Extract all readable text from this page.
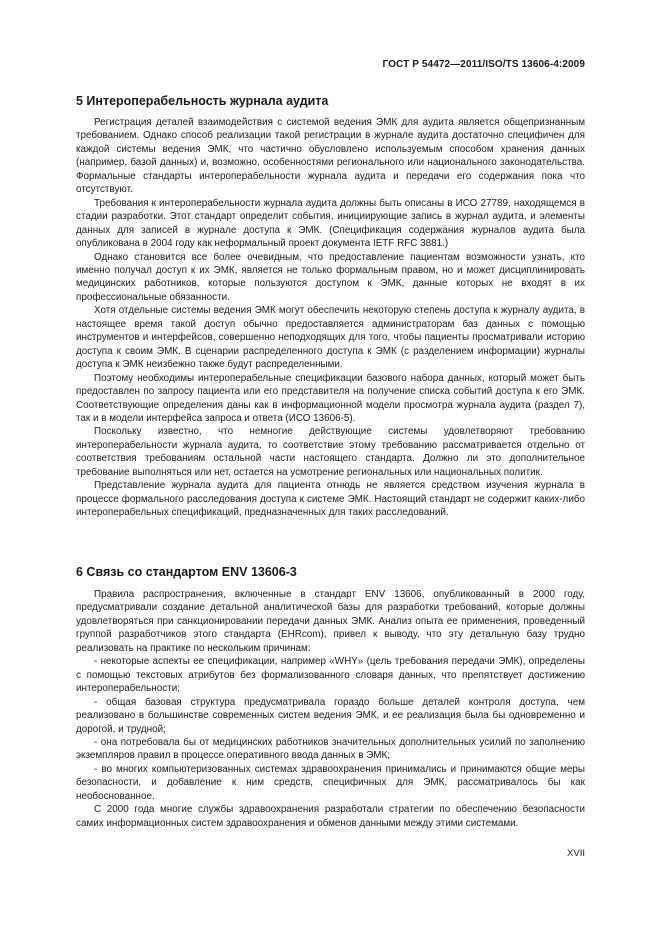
ГОСТ Р 54472—2011/ISO/TS 13606-4:2009
5 Интероперабельность журнала аудита

Регистрация деталей взаимодействия с системой ведения ЭМК для аудита является общепризнанным требованием. Однако способ реализации такой регистрации в журнале аудита достаточно специфичен для каждой системы ведения ЭМК, что частично обусловлено используемым способом хранения данных (например, базой данных) и, возможно, особенностями регионального или национального законодательства. Формальные стандарты интероперабельности журнала аудита и передачи его содержания пока что отсутствуют.

Требования к интероперабельности журнала аудита должны быть описаны в ИСО 27789, находящемся в стадии разработки. Этот стандарт определит события, инициирующие запись в журнал аудита, и элементы данных для записей в журнале доступа к ЭМК. (Спецификация содержания журналов аудита была опубликована в 2004 году как неформальный проект документа IETF RFC 3881.)

Однако становится все более очевидным, что предоставление пациентам возможности узнать, кто именно получал доступ к их ЭМК, является не только формальным правом, но и может дисциплинировать медицинских работников, которые пользуются доступом к ЭМК, данные которых не входят в их профессиональные обязанности.

Хотя отдельные системы ведения ЭМК могут обеспечить некоторую степень доступа к журналу аудита, в настоящее время такой доступ обычно предоставляется администраторам баз данных с помощью инструментов и интерфейсов, совершенно неподходящих для того, чтобы пациенты просматривали историю доступа к своим ЭМК. В сценарии распределенного доступа к ЭМК (с разделением информации) журналы доступа к ЭМК неизбежно также будут распределенными.

Поэтому необходимы интероперабельные спецификации базового набора данных, который может быть предоставлен по запросу пациента или его представителя на получение списка событий доступа к его ЭМК. Соответствующие определения даны как в информационной модели просмотра журнала аудита (раздел 7), так и в модели интерфейса запроса и ответа (ИСО 13606-5).

Поскольку известно, что немногие действующие системы удовлетворяют требованию интероперабельности журнала аудита, то соответствие этому требованию рассматривается отдельно от соответствия требованиям остальной части настоящего стандарта. Должно ли это дополнительное требование выполняться или нет, остается на усмотрение региональных или национальных политик.

Представление журнала аудита для пациента отнюдь не является средством изучения журнала в процессе формального расследования доступа к системе ЭМК. Настоящий стандарт не содержит каких-либо интероперабельных спецификаций, предназначенных для таких расследований.

6 Связь со стандартом ENV 13606-3

Правила распространения, включенные в стандарт ENV 13606, опубликованный в 2000 году, предусматривали создание детальной аналитической базы для разработки требований, которые должны удовлетворяться при санкционировании передачи данных ЭМК. Анализ опыта ее применения, проведенный группой разработчиков этого стандарта (EHRcom), привел к выводу, что эту детальную базу трудно реализовать на практике по нескольким причинам:

- некоторые аспекты ее спецификации, например «WHY» (цель требования передачи ЭМК), определены с помощью текстовых атрибутов без формализованного словаря данных, что препятствует достижению интероперабельности;

- общая базовая структура предусматривала гораздо больше деталей контроля доступа, чем реализовано в большинстве современных систем ведения ЭМК, и ее реализация была бы одновременно и дорогой, и трудной;

- она потребовала бы от медицинских работников значительных дополнительных усилий по заполнению экземпляров правил в процессе оперативного ввода данных в ЭМК;

- во многих компьютеризованных системах здравоохранения принимались и принимаются общие меры безопасности, и добавление к ним средств, специфичных для ЭМК, рассматривалось бы как необоснованное.

С 2000 года многие службы здравоохранения разработали стратегии по обеспечению безопасности самих информационных систем здравоохранения и обменов данными между этими системами.

XVII
